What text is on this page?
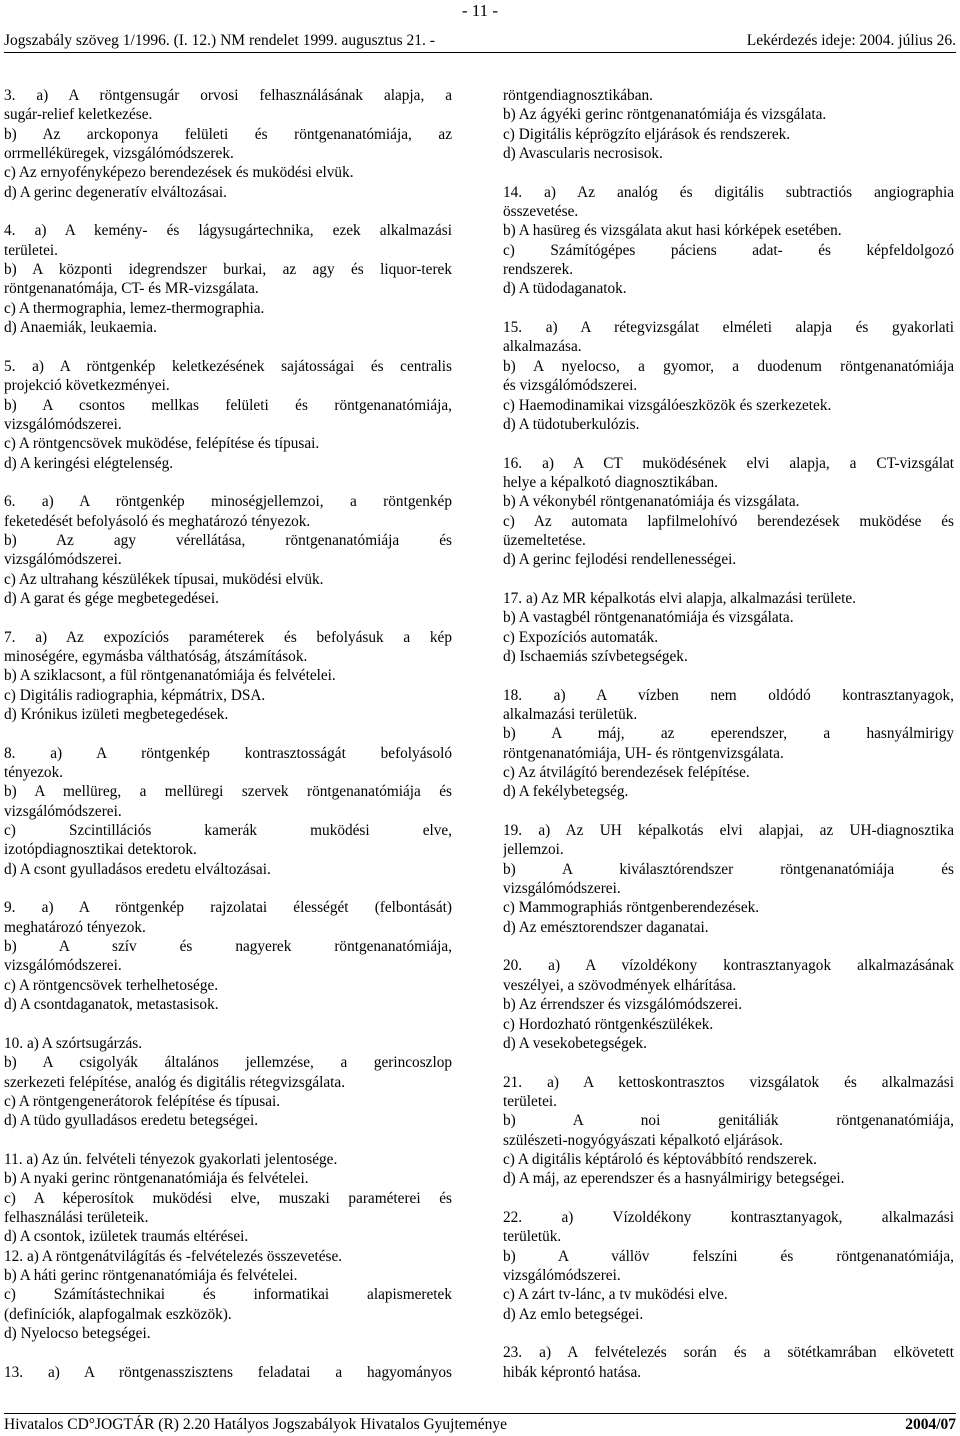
- 11 -
Jogszabály szöveg 1/1996. (I. 12.) NM rendelet 1999. augusztus 21. -	Lekérdezés ideje: 2004. július 26.
3. a) A röntgensugár orvosi felhasználásának alapja, a
sugár-relief keletkezése.
b) Az arckoponya felületi és röntgenanatómiája, az
orrmelléküregek, vizsgálómódszerek.
c) Az ernyofényképezo berendezések és muködési elvük.
d) A gerinc degeneratív elváltozásai.
4. a) A kemény- és lágysugártechnika, ezek alkalmazási
területei.
b) A központi idegrendszer burkai, az agy és liquor-terek
röntgenanatómája, CT- és MR-vizsgálata.
c) A thermographia, lemez-thermographia.
d) Anaemiák, leukaemia.
5. a) A röntgenkép keletkezésének sajátosságai és centralis
projekció következményei.
b) A csontos mellkas felületi és röntgenanatómiája,
vizsgálómódszerei.
c) A röntgencsövek muködése, felépítése és típusai.
d) A keringési elégtelenség.
6. a) A röntgenkép minoségjellemzoi, a röntgenkép
feketedését befolyásoló és meghatározó tényezok.
b) Az agy vérellátása, röntgenanatómiája és
vizsgálómódszerei.
c) Az ultrahang készülékek típusai, muködési elvük.
d) A garat és gége megbetegedései.
7. a) Az expozíciós paraméterek és befolyásuk a kép
minoségére, egymásba válthatóság, átszámítások.
b) A sziklacsont, a fül röntgenanatómiája és felvételei.
c) Digitális radiographia, képmátrix, DSA.
d) Krónikus izületi megbetegedések.
8. a) A röntgenkép kontrasztosságát befolyásoló
tényezok.
b) A mellüreg, a mellüregi szervek röntgenanatómiája és
vizsgálómódszerei.
c) Szcintillációs kamerák muködési elve,
izotópdiagnosztikai detektorok.
d) A csont gyulladásos eredetu elváltozásai.
9. a) A röntgenkép rajzolatai élességét (felbontását)
meghatározó tényezok.
b) A szív és nagyerek röntgenanatómiája,
vizsgálómódszerei.
c) A röntgencsövek terhelhetosége.
d) A csontdaganatok, metastasisok.
10. a) A szórtsugárzás.
b) A csigolyák általános jellemzése, a gerincoszlop
szerkezeti felépítése, analóg és digitális rétegvizsgálata.
c) A röntgengenerátorok felépítése és típusai.
d) A tüdo gyulladásos eredetu betegségei.
11. a) Az ún. felvételi tényezok gyakorlati jelentosége.
b) A nyaki gerinc röntgenanatómiája és felvételei.
c) A képerosítok muködési elve, muszaki paraméterei és
felhasználási területeik.
d) A csontok, izületek traumás eltérései.
12. a) A röntgenátvilágítás és -felvételezés összevetése.
b) A háti gerinc röntgenanatómiája és felvételei.
c) Számítástechnikai és informatikai alapismeretek
(definíciók, alapfogalmak eszközök).
d) Nyelocso betegségei.
13. a) A röntgenasszisztens feladatai a hagyományos
röntgendiagnosztikában.
b) Az ágyéki gerinc röntgenanatómiája és vizsgálata.
c) Digitális képrögzíto eljárások és rendszerek.
d) Avascularis necrosisok.
14. a) Az analóg és digitális subtractiós angiographia
összevetése.
b) A hasüreg és vizsgálata akut hasi kórképek esetében.
c) Számítógépes páciens adat- és képfeldolgozó
rendszerek.
d) A tüdodaganatok.
15. a) A rétegvizsgálat elméleti alapja és gyakorlati
alkalmazása.
b) A nyelocso, a gyomor, a duodenum röntgenanatómiája
és vizsgálómódszerei.
c) Haemodinamikai vizsgálóeszközök és szerkezetek.
d) A tüdotuberkulózis.
16. a) A CT muködésének elvi alapja, a CT-vizsgálat
helye a képalkotó diagnosztikában.
b) A vékonybél röntgenanatómiája és vizsgálata.
c) Az automata lapfilmelohívó berendezések muködése és
üzemeltetése.
d) A gerinc fejlodési rendellenességei.
17. a) Az MR képalkotás elvi alapja, alkalmazási területe.
b) A vastagbél röntgenanatómiája és vizsgálata.
c) Expozíciós automaták.
d) Ischaemiás szívbetegségek.
18. a) A vízben nem oldódó kontrasztanyagok,
alkalmazási területük.
b) A máj, az eperendszer, a hasnyálmirigy
röntgenanatómiája, UH- és röntgenvizsgálata.
c) Az átvilágító berendezések felépítése.
d) A fekélybetegség.
19. a) Az UH képalkotás elvi alapjai, az UH-diagnosztika
jellemzoi.
b) A kiválasztórendszer röntgenanatómiája és
vizsgálómódszerei.
c) Mammographiás röntgenberendezések.
d) Az emésztorendszer daganatai.
20. a) A vízoldékony kontrasztanyagok alkalmazásának
veszélyei, a szövodmények elhárítása.
b) Az érrendszer és vizsgálómódszerei.
c) Hordozható röntgenkészülékek.
d) A vesekobetegségek.
21. a) A kettoskontrasztos vizsgálatok és alkalmazási
területei.
b) A noi genitáliák röntgenanatómiája,
szülészeti-nogyógyászati képalkotó eljárások.
c) A digitális képtároló és képtovábbító rendszerek.
d) A máj, az eperendszer és a hasnyálmirigy betegségei.
22. a) Vízoldékony kontrasztanyagok, alkalmazási
területük.
b) A vállöv felszíni és röntgenanatómiája,
vizsgálómódszerei.
c) A zárt tv-lánc, a tv muködési elve.
d) Az emlo betegségei.
23. a) A felvételezés során és a sötétkamrában elkövetett
hibák képrontó hatása.
Hivatalos CD°JOGTÁR (R) 2.20 Hatályos Jogszabályok Hivatalos Gyujteménye	2004/07
